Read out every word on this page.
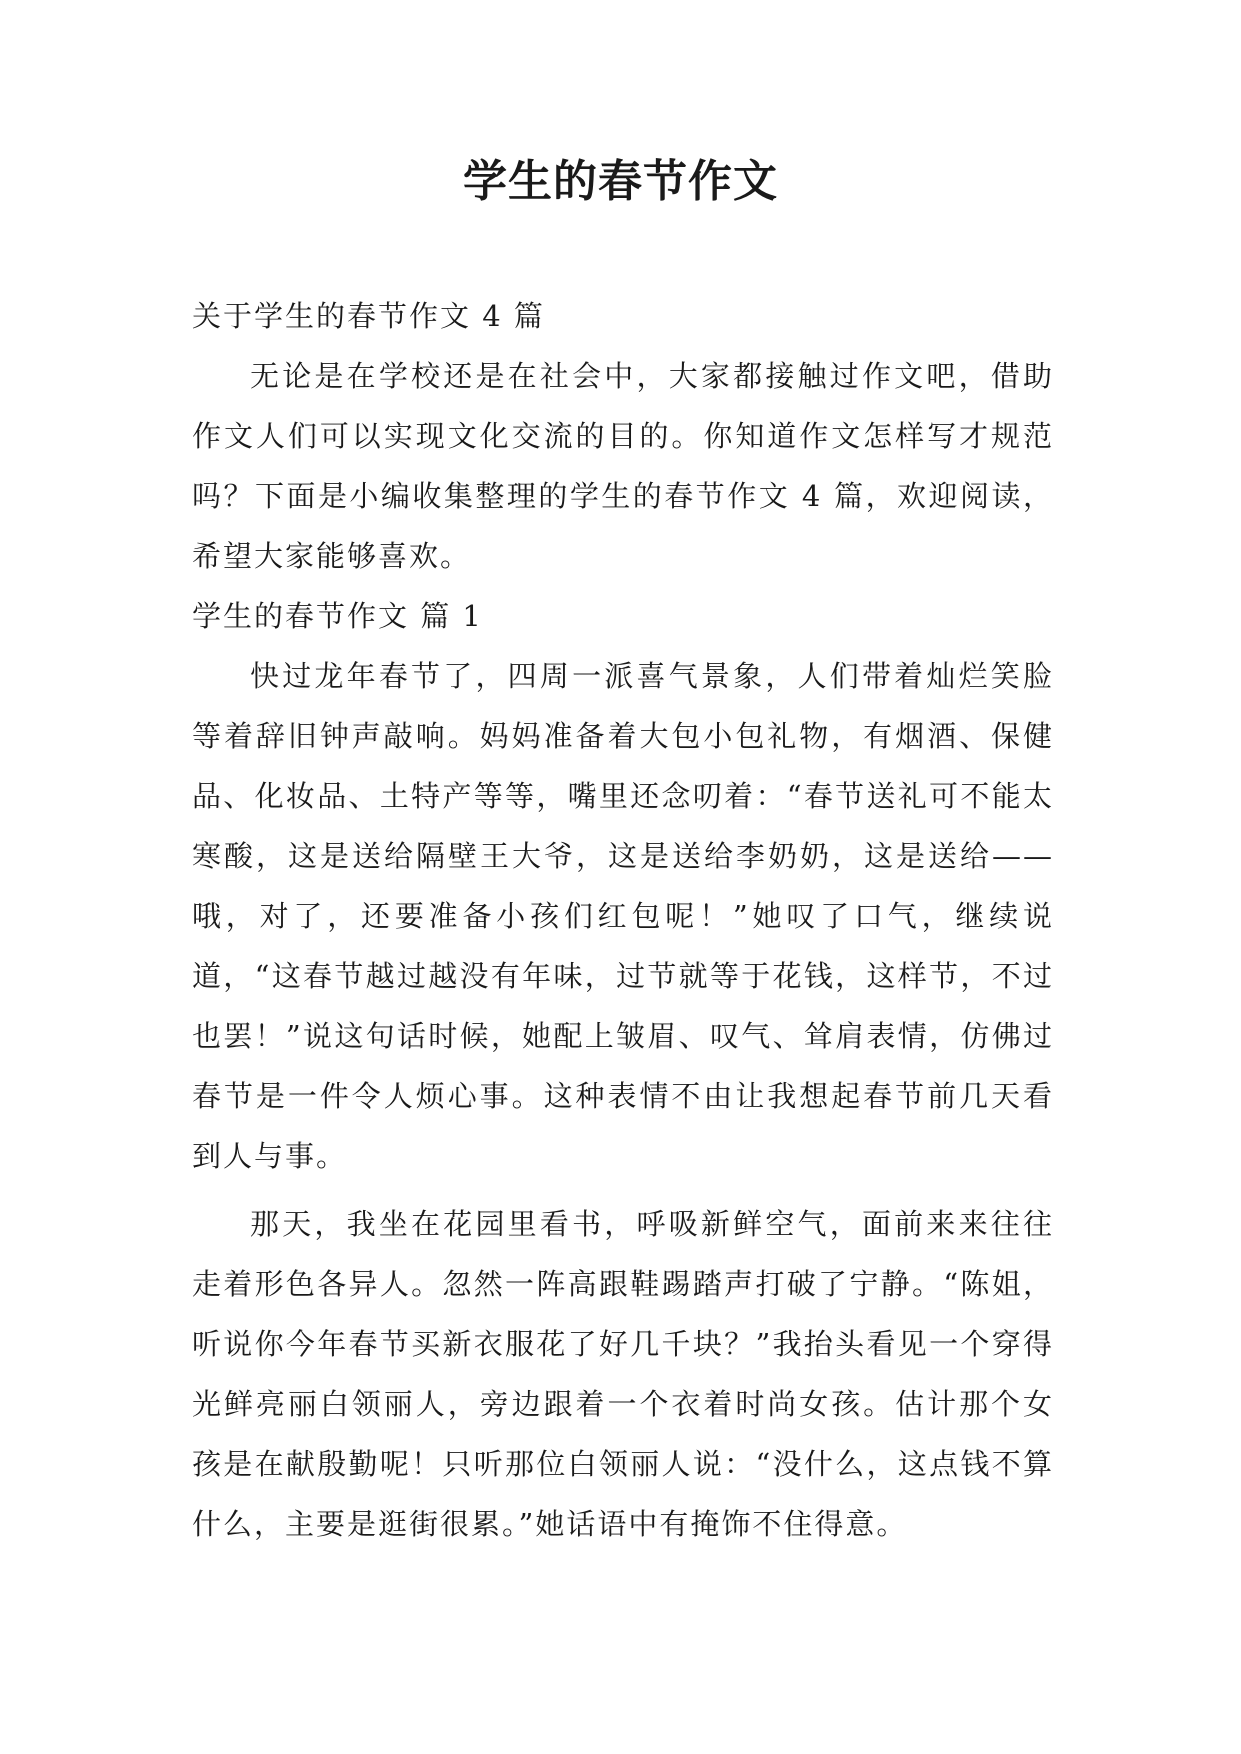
学生的春节作文

关于学生的春节作文 4 篇

无论是在学校还是在社会中，大家都接触过作文吧，借助作文人们可以实现文化交流的目的。你知道作文怎样写才规范吗？下面是小编收集整理的学生的春节作文 4 篇，欢迎阅读，希望大家能够喜欢。

学生的春节作文 篇 1

快过龙年春节了，四周一派喜气景象，人们带着灿烂笑脸等着辞旧钟声敲响。妈妈准备着大包小包礼物，有烟酒、保健品、化妆品、土特产等等，嘴里还念叨着：“春节送礼可不能太寒酸，这是送给隔壁王大爷，这是送给李奶奶，这是送给——哦，对了，还要准备小孩们红包呢！”她叹了口气，继续说道，“这春节越过越没有年味，过节就等于花钱，这样节，不过也罢！”说这句话时候，她配上皱眉、叹气、耸肩表情，仿佛过春节是一件令人烦心事。这种表情不由让我想起春节前几天看到人与事。

那天，我坐在花园里看书，呼吸新鲜空气，面前来来往往走着形色各异人。忽然一阵高跟鞋踢踏声打破了宁静。“陈姐，听说你今年春节买新衣服花了好几千块？”我抬头看见一个穿得光鲜亮丽白领丽人，旁边跟着一个衣着时尚女孩。估计那个女孩是在献殷勤呢！只听那位白领丽人说：“没什么，这点钱不算什么，主要是逛街很累。”她话语中有掩饰不住得意。
